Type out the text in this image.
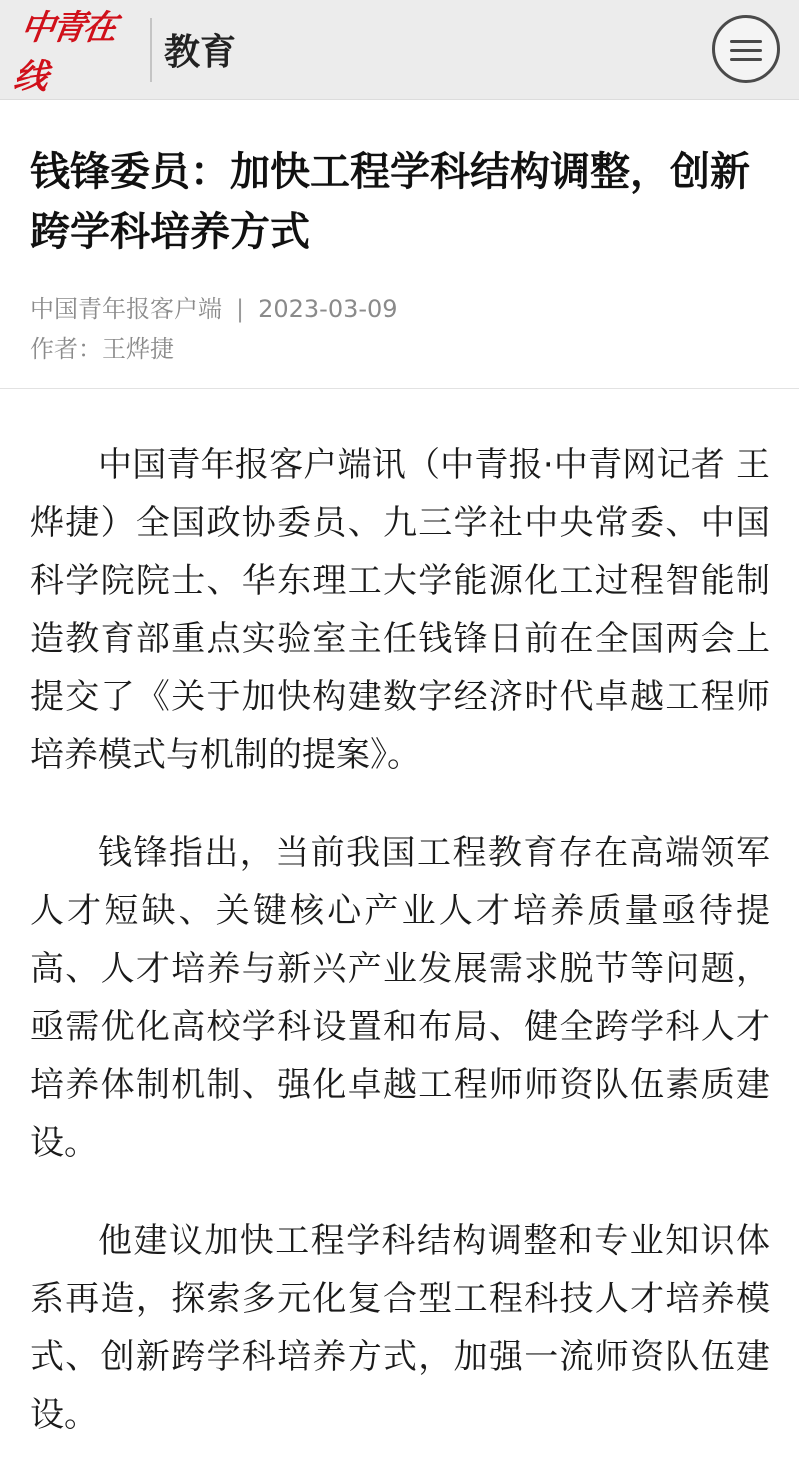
中青在线
教育
钱锋委员：加快工程学科结构调整，创新跨学科培养方式
中国青年报客户端 | 2023-03-09
作者：王烨捷

中国青年报客户端讯（中青报·中青网记者 王烨捷）全国政协委员、九三学社中央常委、中国科学院院士、华东理工大学能源化工过程智能制造教育部重点实验室主任钱锋日前在全国两会上提交了《关于加快构建数字经济时代卓越工程师培养模式与机制的提案》。

钱锋指出，当前我国工程教育存在高端领军人才短缺、关键核心产业人才培养质量亟待提高、人才培养与新兴产业发展需求脱节等问题，亟需优化高校学科设置和布局、健全跨学科人才培养体制机制、强化卓越工程师师资队伍素质建设。

他建议加快工程学科结构调整和专业知识体系再造，探索多元化复合型工程科技人才培养模式、创新跨学科培养方式，加强一流师资队伍建设。
